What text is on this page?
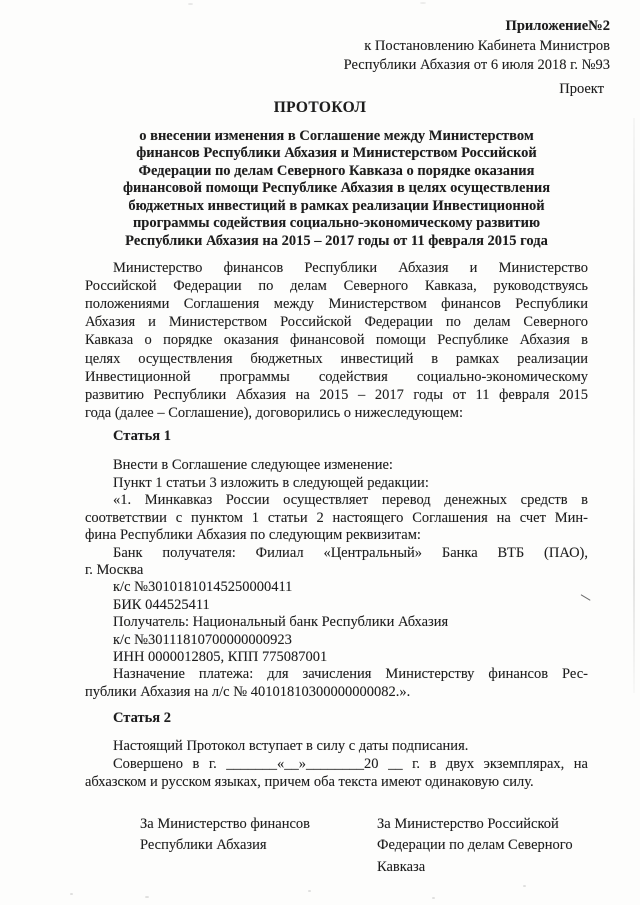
Приложение№2
к Постановлению Кабинета Министров
Республики Абхазия от 6 июля 2018 г. №93
Проект
ПРОТОКОЛ
о внесении изменения в Соглашение между Министерством
финансов Республики Абхазия и Министерством Российской
Федерации по делам Северного Кавказа о порядке оказания
финансовой помощи Республике Абхазия в целях осуществления
бюджетных инвестиций в рамках реализации Инвестиционной
программы содействия социально-экономическому развитию
Республики Абхазия на 2015 – 2017 годы от 11 февраля 2015 года
Министерство финансов Республики Абхазия и Министерство
Российской Федерации по делам Северного Кавказа, руководствуясь
положениями Соглашения между Министерством финансов Республики
Абхазия и Министерством Российской Федерации по делам Северного
Кавказа о порядке оказания финансовой помощи Республике Абхазия в
целях осуществления бюджетных инвестиций в рамках реализации
Инвестиционной программы содействия социально-экономическому
развитию Республики Абхазия на 2015 – 2017 годы от 11 февраля 2015
года (далее – Соглашение), договорились о нижеследующем:
Статья 1
Внести в Соглашение следующее изменение:
Пункт 1 статьи 3 изложить в следующей редакции:
«1. Минкавказ России осуществляет перевод денежных средств в
соответствии с пунктом 1 статьи 2 настоящего Соглашения на счет Мин-
фина Республики Абхазия по следующим реквизитам:
Банк получателя: Филиал «Центральный» Банка ВТБ (ПАО),
г. Москва
к/с №30101810145250000411
БИК 044525411
Получатель: Национальный банк Республики Абхазия
к/с №30111810700000000923
ИНН 0000012805, КПП 775087001
Назначение платежа: для зачисления Министерству финансов Рес-
публики Абхазия на л/с № 40101810300000000082.».
Статья 2
Настоящий Протокол вступает в силу с даты подписания.
Совершено в г. _______«__»________20 __ г. в двух экземплярах, на
абхазском и русском языках, причем оба текста имеют одинаковую силу.
За Министерство финансов
Республики Абхазия
За Министерство Российской
Федерации по делам Северного
Кавказа
